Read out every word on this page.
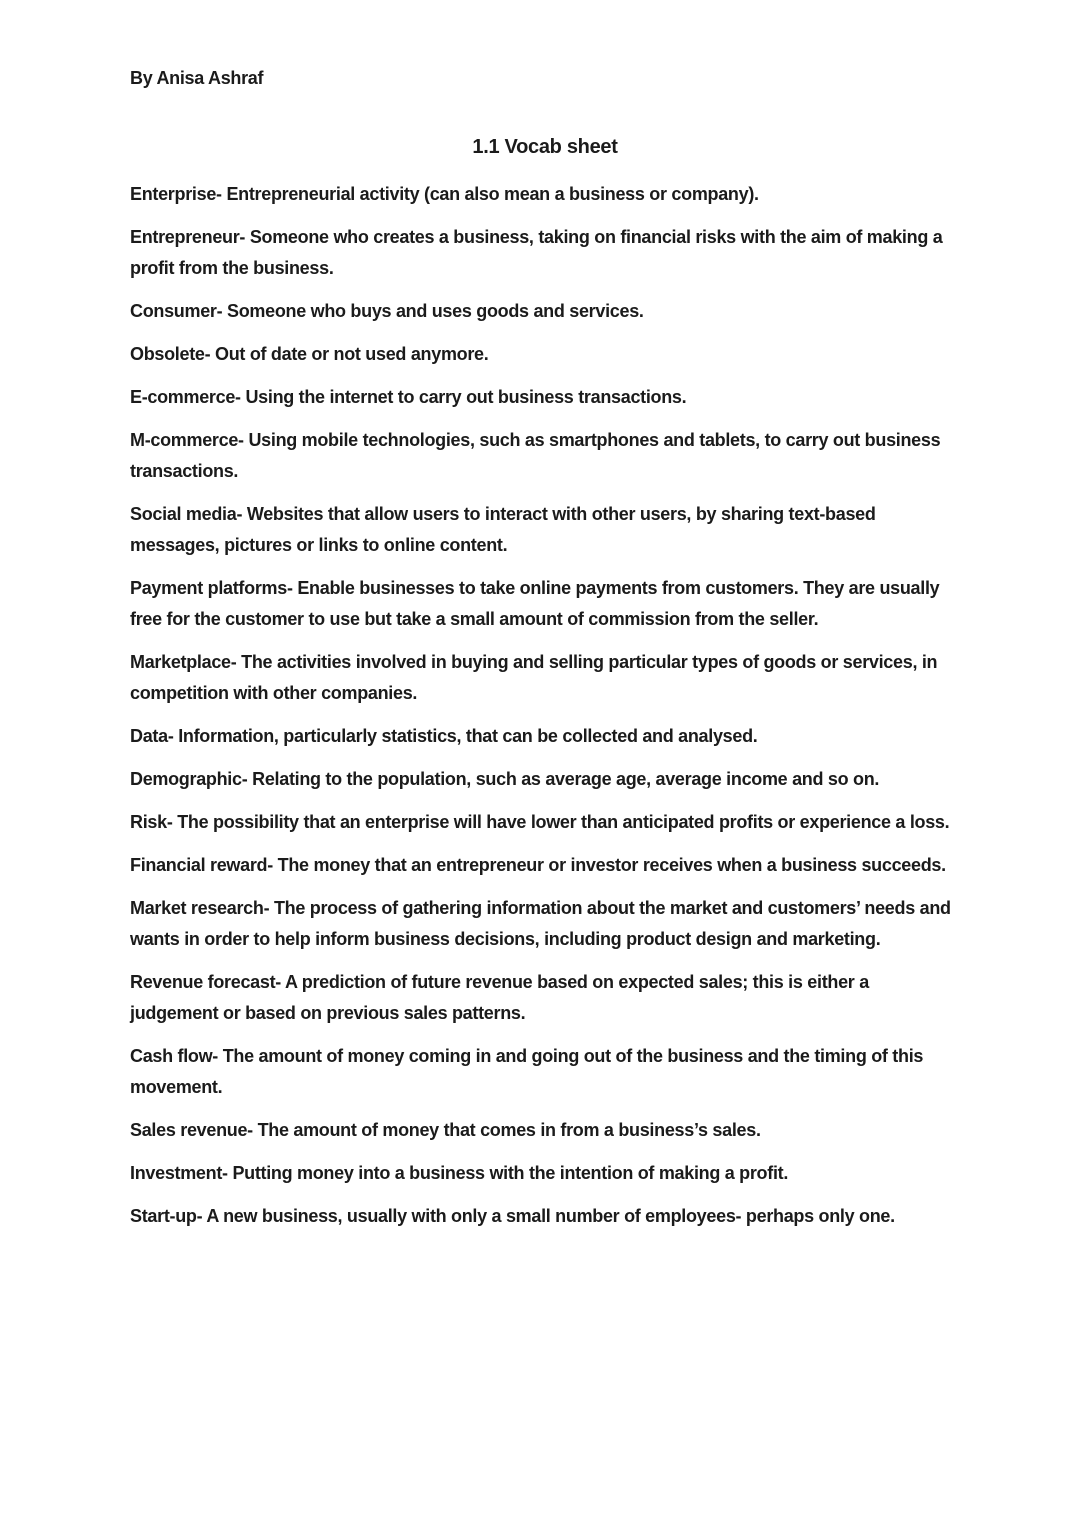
By Anisa Ashraf
1.1 Vocab sheet

Enterprise- Entrepreneurial activity (can also mean a business or company).

Entrepreneur- Someone who creates a business, taking on financial risks with the aim of making a profit from the business.

Consumer- Someone who buys and uses goods and services.

Obsolete- Out of date or not used anymore.

E-commerce- Using the internet to carry out business transactions.

M-commerce- Using mobile technologies, such as smartphones and tablets, to carry out business transactions.

Social media- Websites that allow users to interact with other users, by sharing text-based messages, pictures or links to online content.

Payment platforms- Enable businesses to take online payments from customers. They are usually free for the customer to use but take a small amount of commission from the seller.

Marketplace- The activities involved in buying and selling particular types of goods or services, in competition with other companies.

Data- Information, particularly statistics, that can be collected and analysed.

Demographic- Relating to the population, such as average age, average income and so on.

Risk- The possibility that an enterprise will have lower than anticipated profits or experience a loss.

Financial reward- The money that an entrepreneur or investor receives when a business succeeds.

Market research- The process of gathering information about the market and customers’ needs and wants in order to help inform business decisions, including product design and marketing.

Revenue forecast- A prediction of future revenue based on expected sales; this is either a judgement or based on previous sales patterns.

Cash flow- The amount of money coming in and going out of the business and the timing of this movement.

Sales revenue- The amount of money that comes in from a business’s sales.

Investment- Putting money into a business with the intention of making a profit.

Start-up- A new business, usually with only a small number of employees- perhaps only one.
